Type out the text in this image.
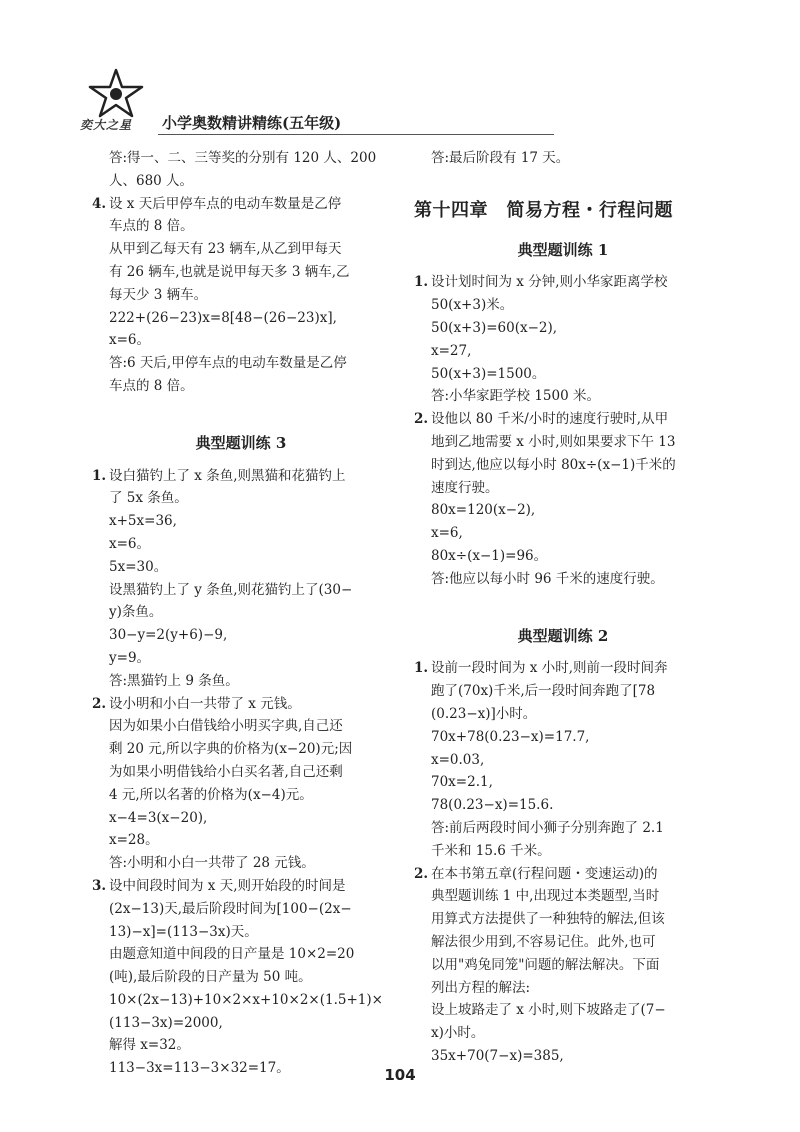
奕大之星 小学奥数精讲精练(五年级)

答:得一、二、三等奖的分别有 120 人、200

人、680 人。

4. 设 x 天后甲停车点的电动车数量是乙停

车点的 8 倍。

从甲到乙每天有 23 辆车,从乙到甲每天

有 26 辆车,也就是说甲每天多 3 辆车,乙

每天少 3 辆车。

222+(26−23)x=8[48−(26−23)x],

x=6。

答:6 天后,甲停车点的电动车数量是乙停

车点的 8 倍。

典型题训练 3

1. 设白猫钓上了 x 条鱼,则黑猫和花猫钓上

了 5x 条鱼。

x+5x=36,

x=6。

5x=30。

设黑猫钓上了 y 条鱼,则花猫钓上了(30−

y)条鱼。

30−y=2(y+6)−9,

y=9。

答:黑猫钓上 9 条鱼。

2. 设小明和小白一共带了 x 元钱。

因为如果小白借钱给小明买字典,自己还

剩 20 元,所以字典的价格为(x−20)元;因

为如果小明借钱给小白买名著,自己还剩

4 元,所以名著的价格为(x−4)元。

x−4=3(x−20),

x=28。

答:小明和小白一共带了 28 元钱。

3. 设中间段时间为 x 天,则开始段的时间是

(2x−13)天,最后阶段时间为[100−(2x−

13)−x]=(113−3x)天。

由题意知道中间段的日产量是 10×2=20

(吨),最后阶段的日产量为 50 吨。

10×(2x−13)+10×2×x+10×2×(1.5+1)×

(113−3x)=2000,

解得 x=32。

113−3x=113−3×32=17。

答:最后阶段有 17 天。

第十四章　简易方程・行程问题

典型题训练 1

1. 设计划时间为 x 分钟,则小华家距离学校

50(x+3)米。

50(x+3)=60(x−2),

x=27,

50(x+3)=1500。

答:小华家距学校 1500 米。

2. 设他以 80 千米/小时的速度行驶时,从甲

地到乙地需要 x 小时,则如果要求下午 13

时到达,他应以每小时 80x÷(x−1)千米的

速度行驶。

80x=120(x−2),

x=6,

80x÷(x−1)=96。

答:他应以每小时 96 千米的速度行驶。

典型题训练 2

1. 设前一段时间为 x 小时,则前一段时间奔

跑了(70x)千米,后一段时间奔跑了[78

(0.23−x)]小时。

70x+78(0.23−x)=17.7,

x=0.03,

70x=2.1,

78(0.23−x)=15.6.

答:前后两段时间小狮子分别奔跑了 2.1

千米和 15.6 千米。

2. 在本书第五章(行程问题・变速运动)的

典型题训练 1 中,出现过本类题型,当时

用算式方法提供了一种独特的解法,但该

解法很少用到,不容易记住。此外,也可

以用"鸡兔同笼"问题的解法解决。下面

列出方程的解法:

设上坡路走了 x 小时,则下坡路走了(7−

x)小时。

35x+70(7−x)=385,

104
